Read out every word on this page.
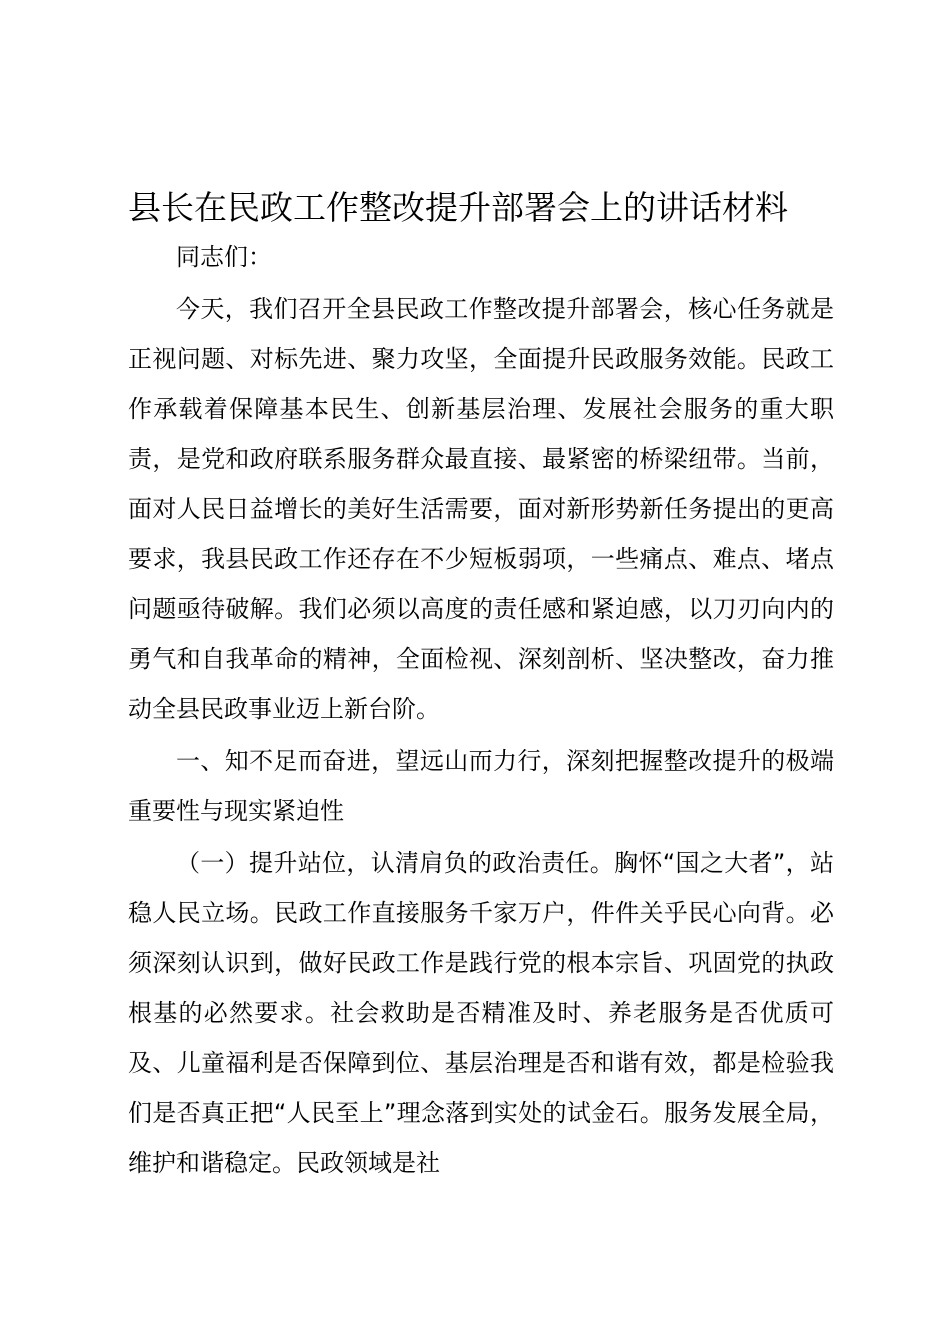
县长在民政工作整改提升部署会上的讲话材料

同志们：

今天，我们召开全县民政工作整改提升部署会，核心任务就是正视问题、对标先进、聚力攻坚，全面提升民政服务效能。民政工作承载着保障基本民生、创新基层治理、发展社会服务的重大职责，是党和政府联系服务群众最直接、最紧密的桥梁纽带。当前，面对人民日益增长的美好生活需要，面对新形势新任务提出的更高要求，我县民政工作还存在不少短板弱项，一些痛点、难点、堵点问题亟待破解。我们必须以高度的责任感和紧迫感，以刀刃向内的勇气和自我革命的精神，全面检视、深刻剖析、坚决整改，奋力推动全县民政事业迈上新台阶。

一、知不足而奋进，望远山而力行，深刻把握整改提升的极端重要性与现实紧迫性

（一）提升站位，认清肩负的政治责任。胸怀“国之大者”，站稳人民立场。民政工作直接服务千家万户，件件关乎民心向背。必须深刻认识到，做好民政工作是践行党的根本宗旨、巩固党的执政根基的必然要求。社会救助是否精准及时、养老服务是否优质可及、儿童福利是否保障到位、基层治理是否和谐有效，都是检验我们是否真正把“人民至上”理念落到实处的试金石。服务发展全局，维护和谐稳定。民政领域是社
